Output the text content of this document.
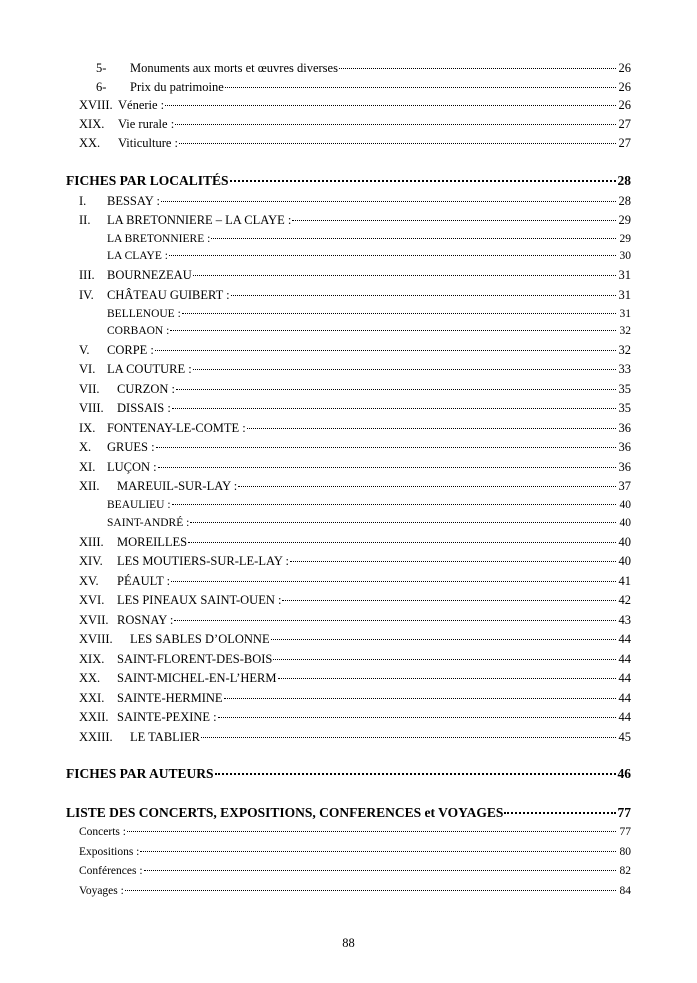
5- Monuments aux morts et œuvres diverses	26
6- Prix du patrimoine	26
XVIII. Vénerie :	26
XIX. Vie rurale :	27
XX. Viticulture :	27
FICHES PAR LOCALITÉS	28
I. BESSAY :	28
II. LA BRETONNIERE – LA CLAYE :	29
LA BRETONNIERE :	29
LA CLAYE :	30
III. BOURNEZEAU	31
IV. CHÂTEAU GUIBERT :	31
BELLENOUE :	31
CORBAON :	32
V. CORPE :	32
VI. LA COUTURE :	33
VII. CURZON :	35
VIII. DISSAIS :	35
IX. FONTENAY-LE-COMTE :	36
X. GRUES :	36
XI. LUÇON :	36
XII. MAREUIL-SUR-LAY :	37
BEAULIEU :	40
SAINT-ANDRÉ :	40
XIII. MOREILLES	40
XIV. LES MOUTIERS-SUR-LE-LAY :	40
XV. PÉAULT :	41
XVI. LES PINEAUX SAINT-OUEN :	42
XVII. ROSNAY :	43
XVIII. LES SABLES D’OLONNE	44
XIX. SAINT-FLORENT-DES-BOIS	44
XX. SAINT-MICHEL-EN-L’HERM	44
XXI. SAINTE-HERMINE	44
XXII. SAINTE-PEXINE :	44
XXIII. LE TABLIER	45
FICHES PAR AUTEURS	46
LISTE DES CONCERTS, EXPOSITIONS, CONFERENCES et VOYAGES	77
Concerts :	77
Expositions :	80
Conférences :	82
Voyages :	84
88
